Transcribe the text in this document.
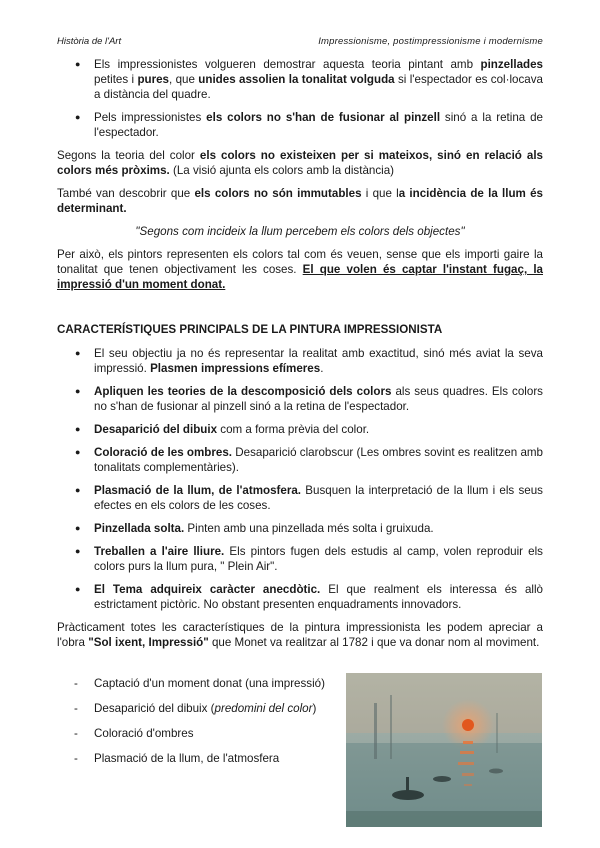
Història de l'Art	Impressionisme, postimpressionisme i modernisme
● Els impressionistes volgueren demostrar aquesta teoria pintant amb pinzellades petites i pures, que unides assolien la tonalitat volguda si l'espectador es col·locava a distància del quadre.
● Pels impressionistes els colors no s'han de fusionar al pinzell sinó a la retina de l'espectador.

Segons la teoria del color els colors no existeixen per si mateixos, sinó en relació als colors més pròxims. (La visió ajunta els colors amb la distància)

També van descobrir que els colors no són immutables i que la incidència de la llum és determinant.

"Segons com incideix la llum percebem els colors dels objectes"

Per això, els pintors representen els colors tal com és veuen, sense que els importi gaire la tonalitat que tenen objectivament les coses. El que volen és captar l'instant fugaç, la impressió d'un moment donat.

CARACTERÍSTIQUES PRINCIPALS DE LA PINTURA IMPRESSIONISTA
● El seu objectiu ja no és representar la realitat amb exactitud, sinó més aviat la seva impressió. Plasmen impressions efímeres.
● Apliquen les teories de la descomposició dels colors als seus quadres. Els colors no s'han de fusionar al pinzell sinó a la retina de l'espectador.
● Desaparició del dibuix com a forma prèvia del color.
● Coloració de les ombres. Desaparició clarobscur (Les ombres sovint es realitzen amb tonalitats complementàries).
● Plasmació de la llum, de l'atmosfera. Busquen la interpretació de la llum i els seus efectes en els colors de les coses.
● Pinzellada solta. Pinten amb una pinzellada més solta i gruixuda.
● Treballen a l'aire lliure. Els pintors fugen dels estudis al camp, volen reproduir els colors purs la llum pura, " Plein Air".
● El Tema adquireix caràcter anecdòtic. El que realment els interessa és allò estrictament pictòric. No obstant presenten enquadraments innovadors.

Pràcticament totes les característiques de la pintura impressionista les podem apreciar a l'obra "Sol ixent, Impressió" que Monet va realitzar al 1782 i que va donar nom al moviment.

- Captació d'un moment donat (una impressió)
- Desaparició del dibuix (predomini del color)
- Coloració d'ombres
- Plasmació de la llum, de l'atmosfera
